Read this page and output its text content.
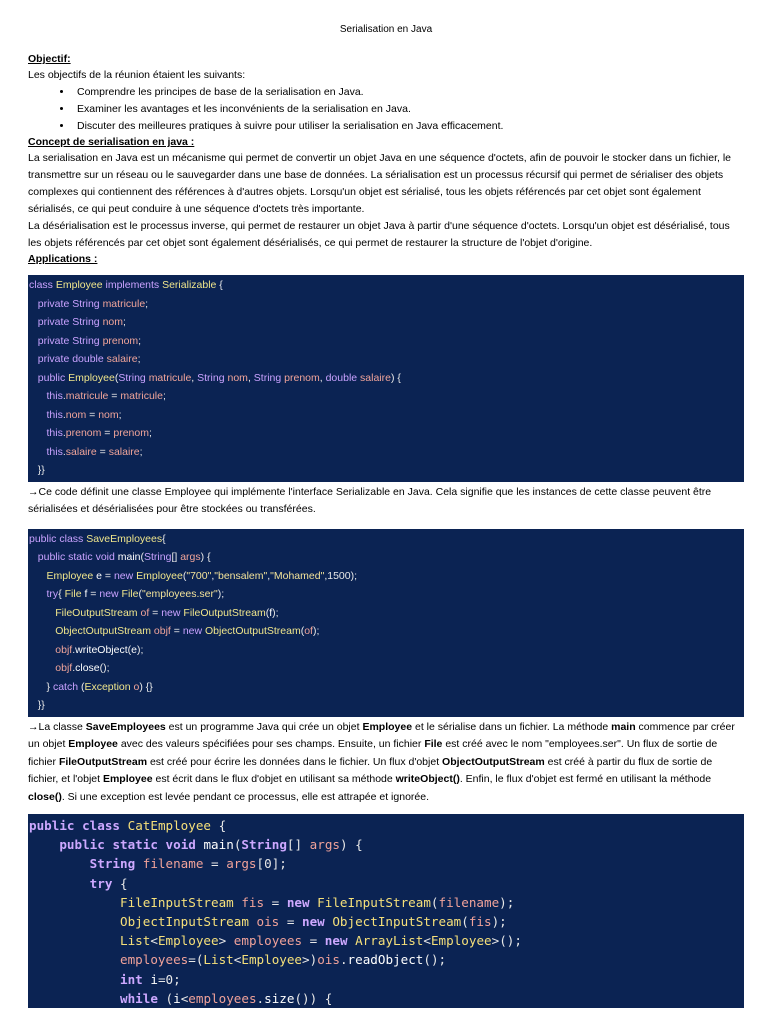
Serialisation en Java
Objectif:
Les objectifs de la réunion étaient les suivants:
• Comprendre les principes de base de la serialisation en Java.
• Examiner les avantages et les inconvénients de la serialisation en Java.
• Discuter des meilleures pratiques à suivre pour utiliser la serialisation en Java efficacement.
Concept de serialisation en java :
La serialisation en Java est un mécanisme qui permet de convertir un objet Java en une séquence d'octets, afin de pouvoir le stocker dans un fichier, le transmettre sur un réseau ou le sauvegarder dans une base de données. La sérialisation est un processus récursif qui permet de sérialiser des objets complexes qui contiennent des références à d'autres objets. Lorsqu'un objet est sérialisé, tous les objets référencés par cet objet sont également sérialisés, ce qui peut conduire à une séquence d'octets très importante.
La désérialisation est le processus inverse, qui permet de restaurer un objet Java à partir d'une séquence d'octets. Lorsqu'un objet est désérialisé, tous les objets référencés par cet objet sont également désérialisés, ce qui permet de restaurer la structure de l'objet d'origine.
Applications :
class Employee implements Serializable {
private String matricule;
private String nom;
private String prenom;
private double salaire;
public Employee(String matricule, String nom, String prenom, double salaire) {
this.matricule = matricule;
this.nom = nom;
this.prenom = prenom;
this.salaire = salaire;
}}

→Ce code définit une classe Employee qui implémente l'interface Serializable en Java. Cela signifie que les instances de cette classe peuvent être sérialisées et désérialisées pour être stockées ou transférées.

public class SaveEmployees{
public static void main(String[] args) {
Employee e = new Employee("700","bensalem","Mohamed",1500);
try{ File f = new File("employees.ser");
FileOutputStream of = new FileOutputStream(f);
ObjectOutputStream objf = new ObjectOutputStream(of);
objf.writeObject(e);
objf.close();
} catch (Exception o) {}
}}

→La classe SaveEmployees est un programme Java qui crée un objet Employee et le sérialise dans un fichier. La méthode main commence par créer un objet Employee avec des valeurs spécifiées pour ses champs. Ensuite, un fichier File est créé avec le nom "employees.ser". Un flux de sortie de fichier FileOutputStream est créé pour écrire les données dans le fichier. Un flux d'objet ObjectOutputStream est créé à partir du flux de sortie de fichier, et l'objet Employee est écrit dans le flux d'objet en utilisant sa méthode writeObject(). Enfin, le flux d'objet est fermé en utilisant la méthode close(). Si une exception est levée pendant ce processus, elle est attrapée et ignorée.

public class CatEmployee {
public static void main(String[] args) {
String filename = args[0];
try {
FileInputStream fis = new FileInputStream(filename);
ObjectInputStream ois = new ObjectInputStream(fis);
List<Employee> employees = new ArrayList<Employee>();
employees=(List<Employee>)ois.readObject();
int i=0;
while (i<employees.size()) {
